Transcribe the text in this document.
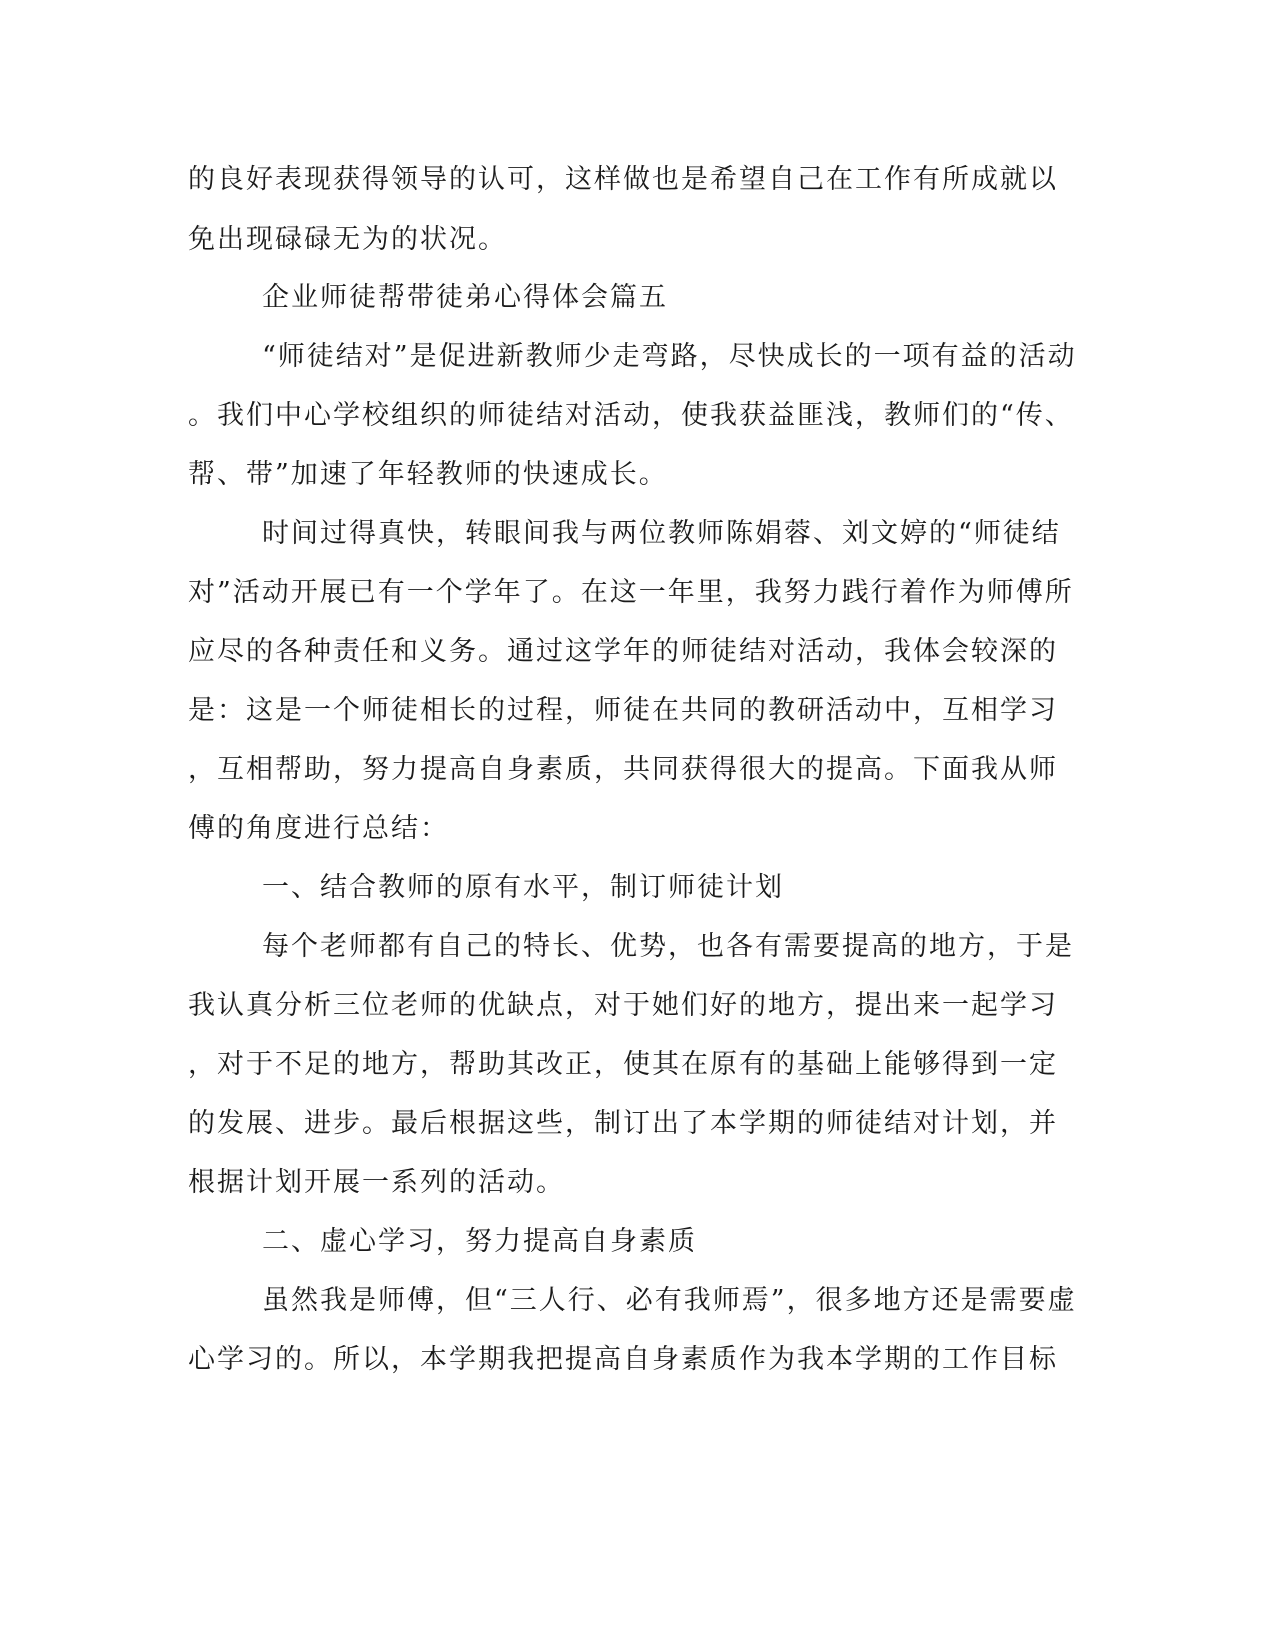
的良好表现获得领导的认可，这样做也是希望自己在工作有所成就以
免出现碌碌无为的状况。
企业师徒帮带徒弟心得体会篇五
“师徒结对”是促进新教师少走弯路，尽快成长的一项有益的活动
。我们中心学校组织的师徒结对活动，使我获益匪浅，教师们的“传、
帮、带”加速了年轻教师的快速成长。
时间过得真快，转眼间我与两位教师陈娟蓉、刘文婷的“师徒结
对”活动开展已有一个学年了。在这一年里，我努力践行着作为师傅所
应尽的各种责任和义务。通过这学年的师徒结对活动，我体会较深的
是：这是一个师徒相长的过程，师徒在共同的教研活动中，互相学习
，互相帮助，努力提高自身素质，共同获得很大的提高。下面我从师
傅的角度进行总结：
一、结合教师的原有水平，制订师徒计划
每个老师都有自己的特长、优势，也各有需要提高的地方，于是
我认真分析三位老师的优缺点，对于她们好的地方，提出来一起学习
，对于不足的地方，帮助其改正，使其在原有的基础上能够得到一定
的发展、进步。最后根据这些，制订出了本学期的师徒结对计划，并
根据计划开展一系列的活动。
二、虚心学习，努力提高自身素质
虽然我是师傅，但“三人行、必有我师焉”，很多地方还是需要虚
心学习的。所以，本学期我把提高自身素质作为我本学期的工作目标
